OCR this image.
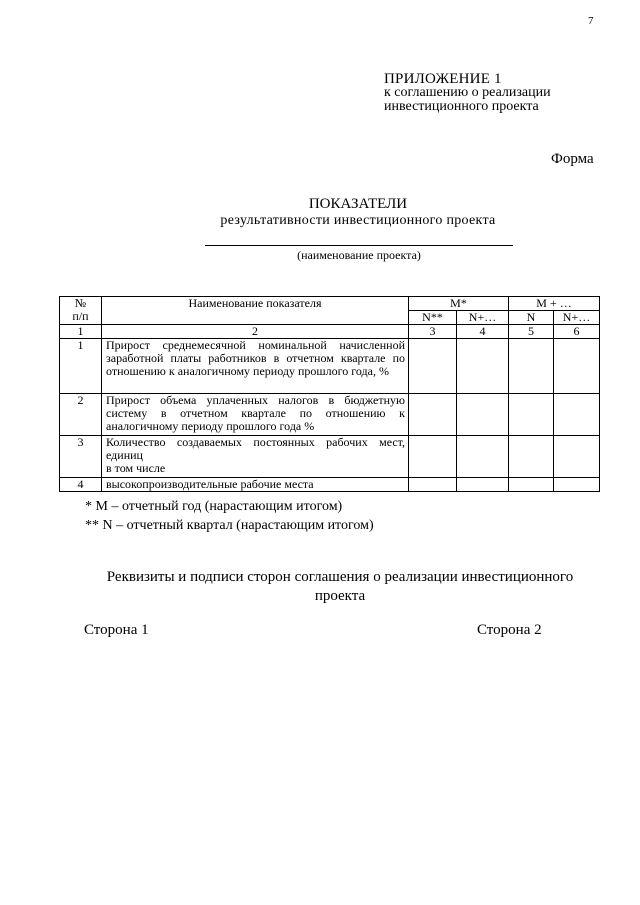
7
ПРИЛОЖЕНИЕ 1
к соглашению о реализации
инвестиционного проекта
Форма
ПОКАЗАТЕЛИ
результативности инвестиционного проекта
(наименование проекта)
№
п/п	Наименование показателя	М*		М + …	
		N**	N+…	N	N+…
1	2	3	4	5	6
1	Прирост среднемесячной номинальной начисленной заработной платы работников в отчетном квартале по отношению к аналогичному периоду прошлого года, %				
2	Прирост объема уплаченных налогов в бюджетную систему в отчетном квартале по отношению к аналогичному периоду прошлого года %				
3	Количество создаваемых постоянных рабочих мест, единиц
в том числе				

4	высокопроизводительные рабочие места				
* М – отчетный год (нарастающим итогом)
** N – отчетный квартал (нарастающим итогом)
Реквизиты и подписи сторон соглашения о реализации инвестиционного
проекта
Сторона 1	Сторона 2
